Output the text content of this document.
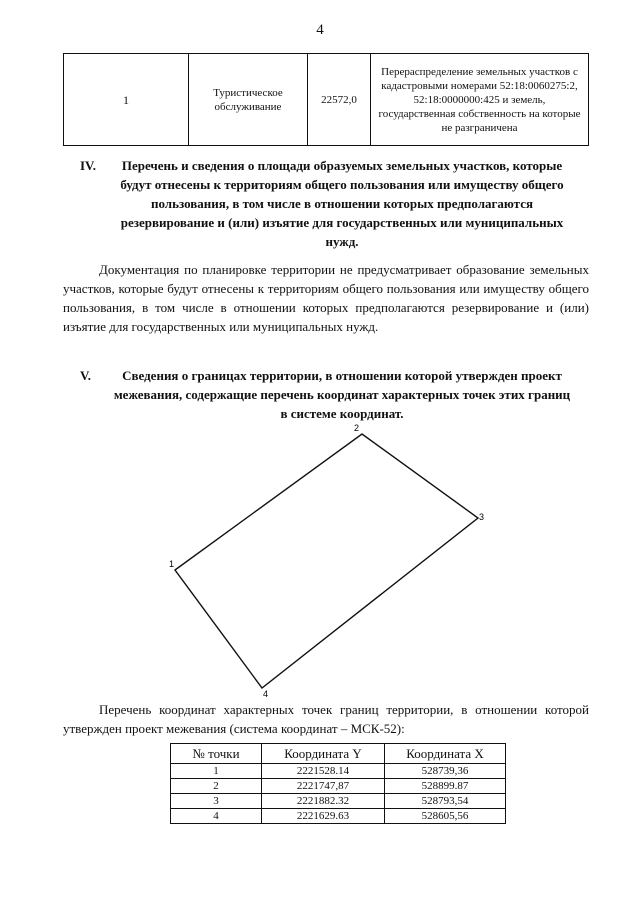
4
1	Туристическое обслуживание	22572,0	Перераспределение земельных участков с кадастровыми номерами 52:18:0060275:2, 52:18:0000000:425 и земель, государственная собственность на которые не разграничена
IV.	Перечень и сведения о площади образуемых земельных участков, которые будут отнесены к территориям общего пользования или имуществу общего пользования, в том числе в отношении которых предполагаются резервирование и (или) изъятие для государственных или муниципальных нужд.
Документация по планировке территории не предусматривает образование земельных участков, которые будут отнесены к территориям общего пользования или имуществу общего пользования, в том числе в отношении которых предполагаются резервирование и (или) изъятие для государственных или муниципальных нужд.
V.	Сведения о границах территории, в отношении которой утвержден проект межевания, содержащие перечень координат характерных точек этих границ в системе координат.
1
2
3
4
Перечень координат характерных точек границ территории, в отношении которой утвержден проект межевания (система координат – МСК-52):
№ точки	Координата Y	Координата X
1	2221528.14	528739,36
2	2221747,87	528899.87
3	2221882.32	528793,54
4	2221629.63	528605,56
